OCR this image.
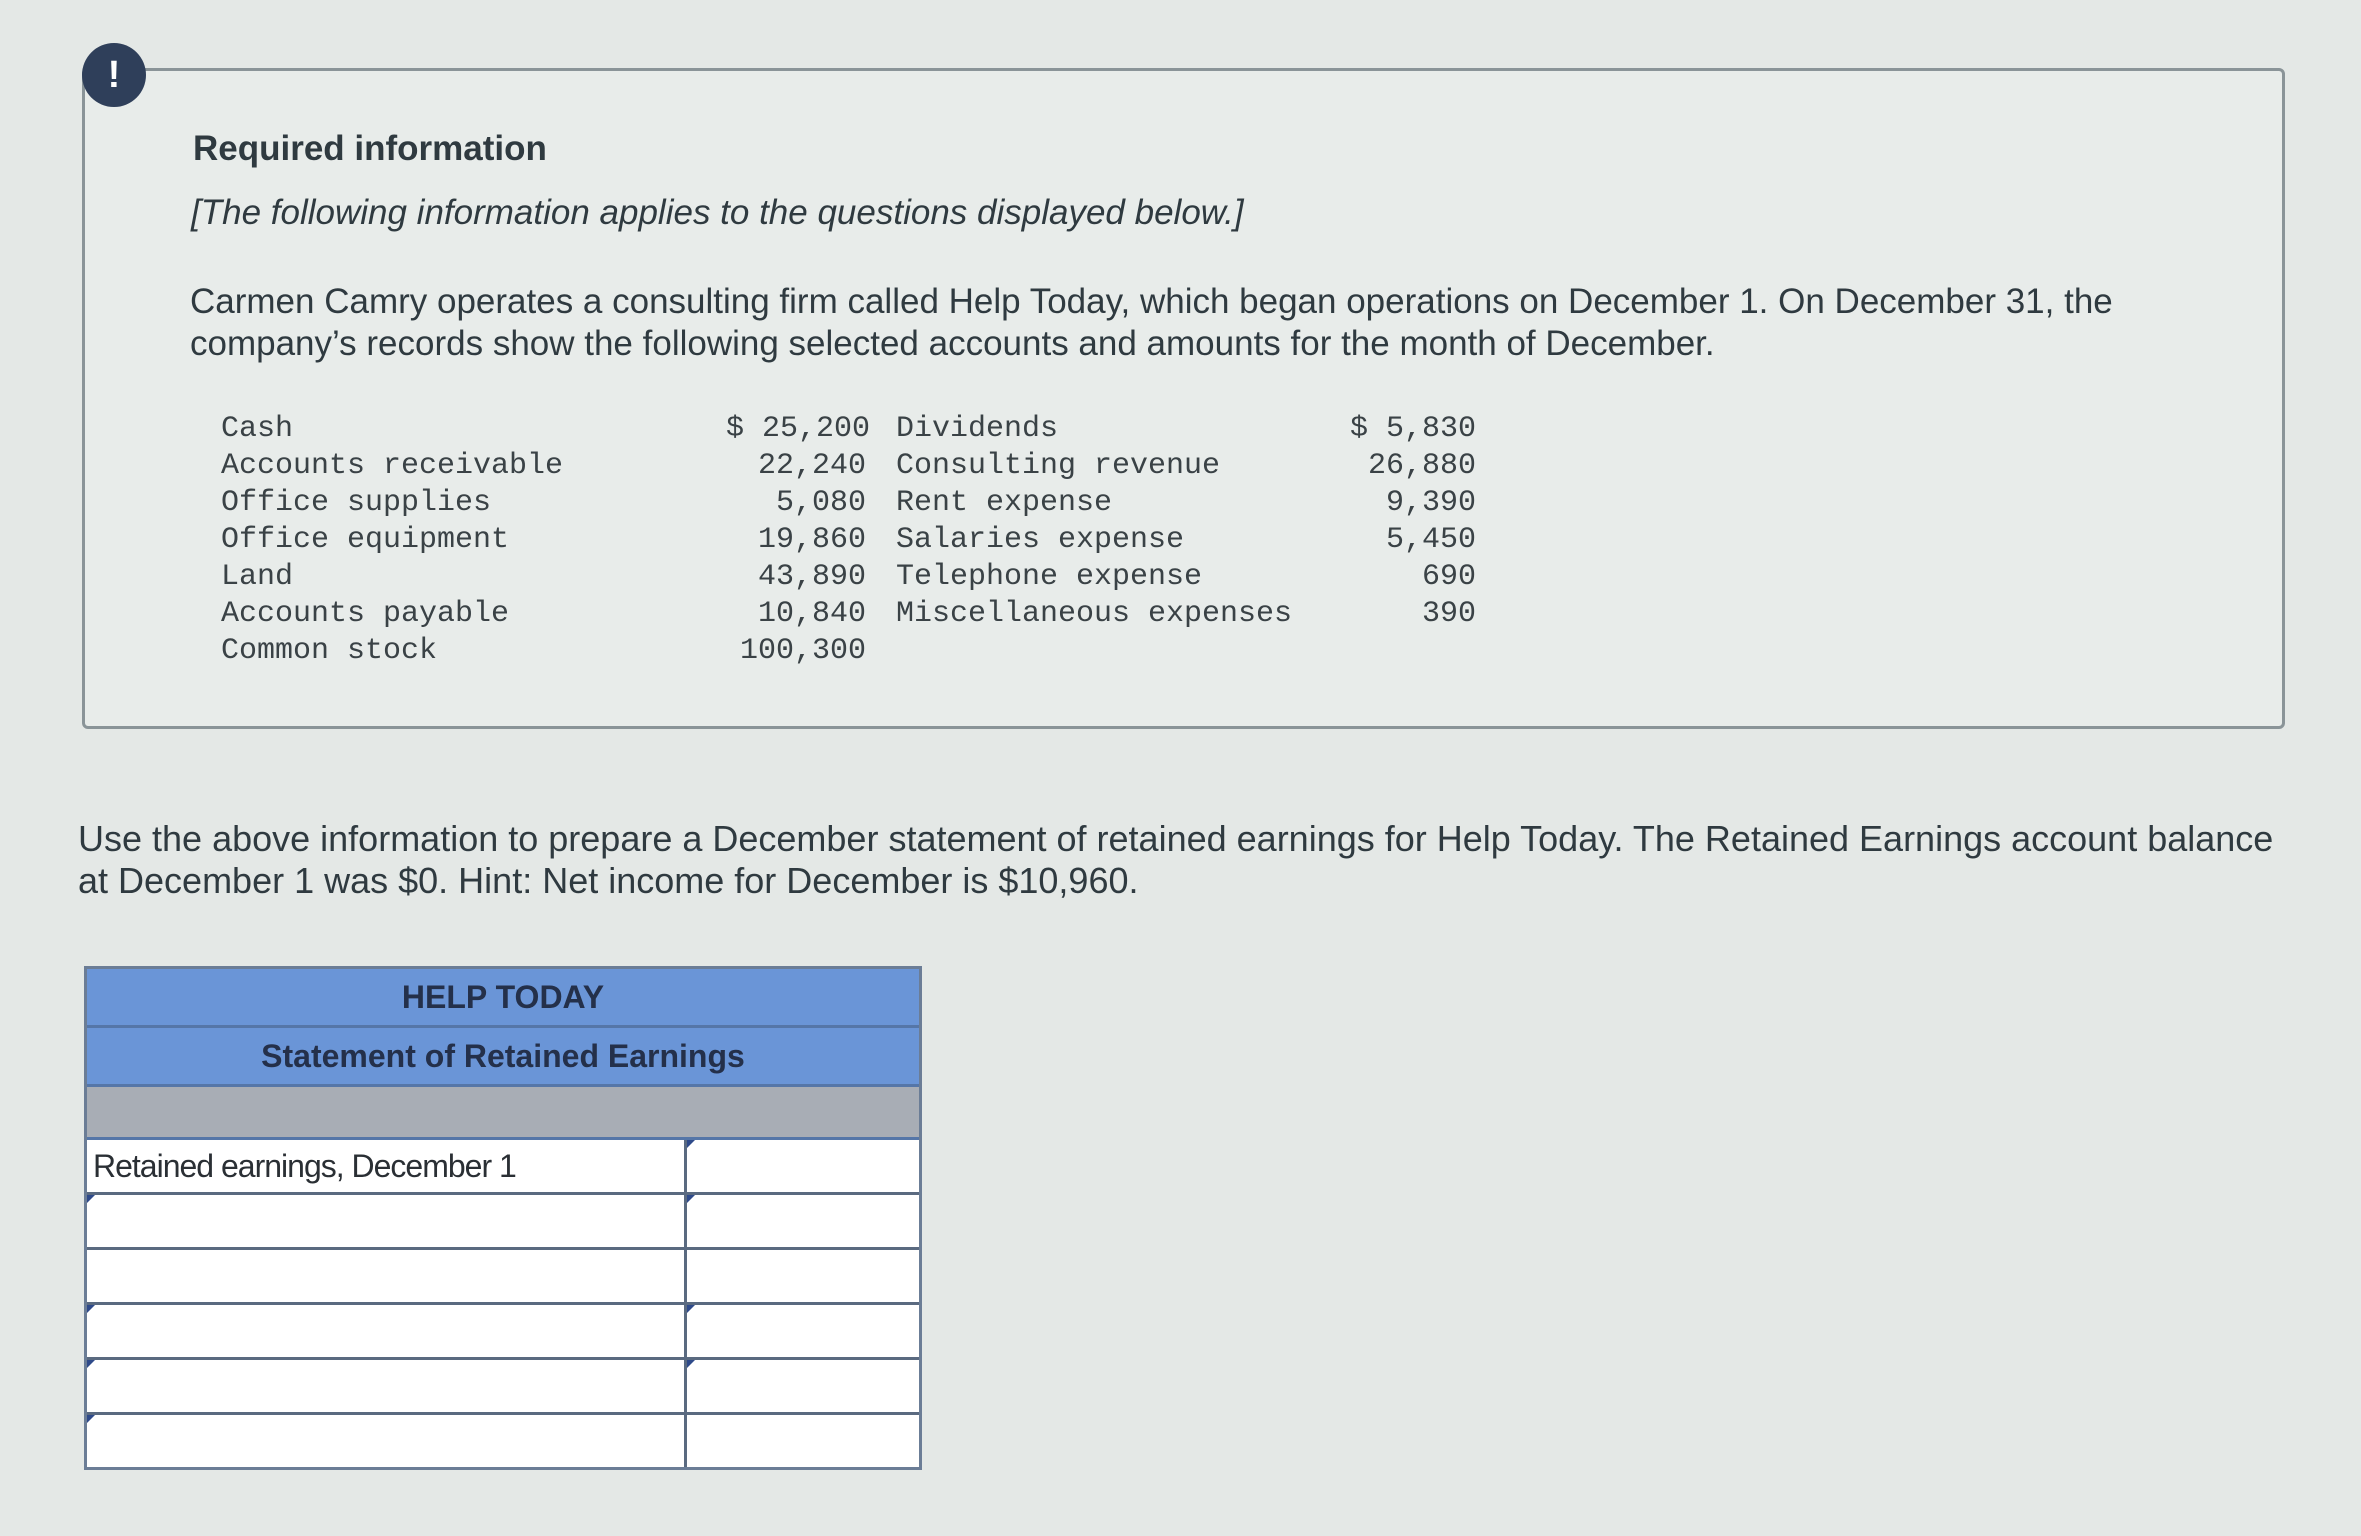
!
Required information
[The following information applies to the questions displayed below.]
Carmen Camry operates a consulting firm called Help Today, which began operations on December 1. On December 31, the company’s records show the following selected accounts and amounts for the month of December.
Cash	$ 25,200 Dividends	$ 5,830
Accounts receivable	22,240	Consulting revenue	26,880
Office supplies	5,080	Rent expense	9,390
Office equipment	19,860	Salaries expense	5,450
Land	43,890	Telephone expense	690
Accounts payable	10,840	Miscellaneous expenses	390
Common stock	100,300
Use the above information to prepare a December statement of retained earnings for Help Today. The Retained Earnings account balance at December 1 was $0. Hint: Net income for December is $10,960.
HELP TODAY
Statement of Retained Earnings
Retained earnings, December 1
